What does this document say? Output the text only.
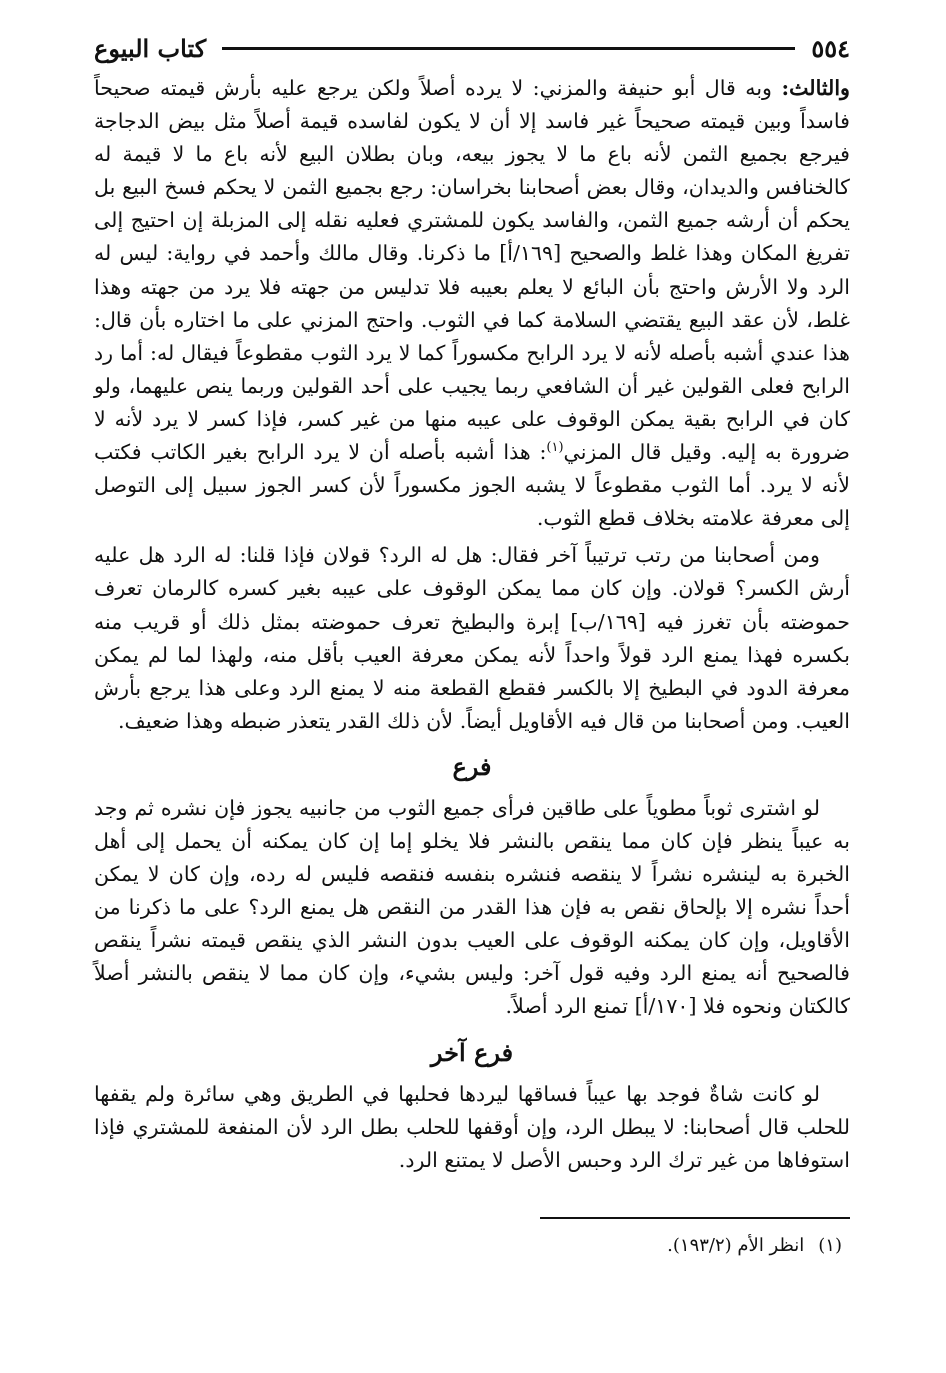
٥٥٤
كتاب البيوع

والثالث: وبه قال أبو حنيفة والمزني: لا يرده أصلاً ولكن يرجع عليه بأرش قيمته صحيحاً فاسداً وبين قيمته صحيحاً غير فاسد إلا أن لا يكون لفاسده قيمة أصلاً مثل بيض الدجاجة فيرجع بجميع الثمن لأنه باع ما لا يجوز بيعه، وبان بطلان البيع لأنه باع ما لا قيمة له كالخنافس والديدان، وقال بعض أصحابنا بخراسان: رجع بجميع الثمن لا يحكم فسخ البيع بل يحكم أن أرشه جميع الثمن، والفاسد يكون للمشتري فعليه نقله إلى المزبلة إن احتيج إلى تفريغ المكان وهذا غلط والصحيح [١٦٩/أ] ما ذكرنا. وقال مالك وأحمد في رواية: ليس له الرد ولا الأرش واحتج بأن البائع لا يعلم بعيبه فلا تدليس من جهته فلا يرد من جهته وهذا غلط، لأن عقد البيع يقتضي السلامة كما في الثوب. واحتج المزني على ما اختاره بأن قال: هذا عندي أشبه بأصله لأنه لا يرد الرابح مكسوراً كما لا يرد الثوب مقطوعاً فيقال له: أما رد الرابح فعلى القولين غير أن الشافعي ربما يجيب على أحد القولين وربما ينص عليهما، ولو كان في الرابح بقية يمكن الوقوف على عيبه منها من غير كسر، فإذا كسر لا يرد لأنه لا ضرورة به إليه. وقيل قال المزني$^{(١)}$: هذا أشبه بأصله أن لا يرد الرابح بغير الكاتب فكتب لأنه لا يرد. أما الثوب مقطوعاً لا يشبه الجوز مكسوراً لأن كسر الجوز سبيل إلى التوصل إلى معرفة علامته بخلاف قطع الثوب.

ومن أصحابنا من رتب ترتيباً آخر فقال: هل له الرد؟ قولان فإذا قلنا: له الرد هل عليه أرش الكسر؟ قولان. وإن كان مما يمكن الوقوف على عيبه بغير كسره كالرمان تعرف حموضته بأن تغرز فيه [١٦٩/ب] إبرة والبطيخ تعرف حموضته بمثل ذلك أو قريب منه بكسره فهذا يمنع الرد قولاً واحداً لأنه يمكن معرفة العيب بأقل منه، ولهذا لما لم يمكن معرفة الدود في البطيخ إلا بالكسر فقطع القطعة منه لا يمنع الرد وعلى هذا يرجع بأرش العيب. ومن أصحابنا من قال فيه الأقاويل أيضاً. لأن ذلك القدر يتعذر ضبطه وهذا ضعيف.

فرع

لو اشترى ثوباً مطوياً على طاقين فرأى جميع الثوب من جانبيه يجوز فإن نشره ثم وجد به عيباً ينظر فإن كان مما ينقص بالنشر فلا يخلو إما إن كان يمكنه أن يحمل إلى أهل الخبرة به لينشره نشراً لا ينقصه فنشره بنفسه فنقصه فليس له رده، وإن كان لا يمكن أحداً نشره إلا بإلحاق نقص به فإن هذا القدر من النقص هل يمنع الرد؟ على ما ذكرنا من الأقاويل، وإن كان يمكنه الوقوف على العيب بدون النشر الذي ينقص قيمته نشراً ينقص فالصحيح أنه يمنع الرد وفيه قول آخر: وليس بشيء، وإن كان مما لا ينقص بالنشر أصلاً كالكتان ونحوه فلا [١٧٠/أ] تمنع الرد أصلاً.

فرع آخر

لو كانت شاةٌ فوجد بها عيباً فساقها ليردها فحلبها في الطريق وهي سائرة ولم يقفها للحلب قال أصحابنا: لا يبطل الرد، وإن أوقفها للحلب بطل الرد لأن المنفعة للمشتري فإذا استوفاها من غير ترك الرد وحبس الأصل لا يمتنع الرد.

(١)انظر الأم (١٩٣/٢).
